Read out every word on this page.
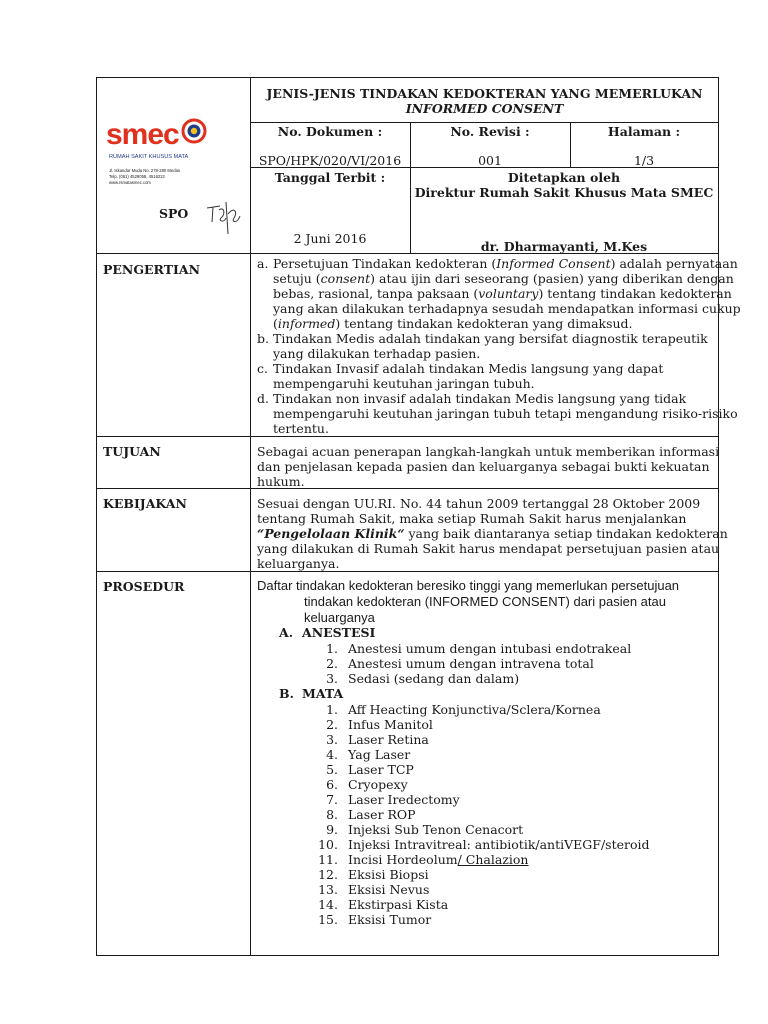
smec
RUMAH SAKIT KHUSUS MATA
Jl. Iskandar Muda No. 278-280 Medan
Telp. (061) 4529058, 4516222
www.rsmatasmec.com
SPO
JENIS-JENIS TINDAKAN KEDOKTERAN YANG MEMERLUKAN
INFORMED CONSENT
No. Dokumen :
SPO/HPK/020/VI/2016
No. Revisi :
001
Halaman :
1/3
Tanggal Terbit :
2 Juni 2016
Ditetapkan oleh
Direktur Rumah Sakit Khusus Mata SMEC
dr. Dharmayanti, M.Kes
PENGERTIAN
TUJUAN
KEBIJAKAN
PROSEDUR
a. Persetujuan Tindakan kedokteran (Informed Consent) adalah pernyataan
setuju (consent) atau ijin dari seseorang (pasien) yang diberikan dengan
bebas, rasional, tanpa paksaan (voluntary) tentang tindakan kedokteran
yang akan dilakukan terhadapnya sesudah mendapatkan informasi cukup
(informed) tentang tindakan kedokteran yang dimaksud.
b. Tindakan Medis adalah tindakan yang bersifat diagnostik terapeutik
yang dilakukan terhadap pasien.
c. Tindakan Invasif adalah tindakan Medis langsung yang dapat
mempengaruhi keutuhan jaringan tubuh.
d. Tindakan non invasif adalah tindakan Medis langsung yang tidak
mempengaruhi keutuhan jaringan tubuh tetapi mengandung risiko-risiko
tertentu.
Sebagai acuan penerapan langkah-langkah untuk memberikan informasi
dan penjelasan kepada pasien dan keluarganya sebagai bukti kekuatan
hukum.
Sesuai dengan UU.RI. No. 44 tahun 2009 tertanggal 28 Oktober 2009
tentang Rumah Sakit, maka setiap Rumah Sakit harus menjalankan
“Pengelolaan Klinik“ yang baik diantaranya setiap tindakan kedokteran
yang dilakukan di Rumah Sakit harus mendapat persetujuan pasien atau
keluarganya.
Daftar tindakan kedokteran beresiko tinggi yang memerlukan persetujuan
tindakan kedokteran (INFORMED CONSENT) dari pasien atau
keluarganya
A. ANESTESI
1. Anestesi umum dengan intubasi endotrakeal
2. Anestesi umum dengan intravena total
3. Sedasi (sedang dan dalam)
B. MATA
1. Aff Heacting Konjunctiva/Sclera/Kornea
2. Infus Manitol
3. Laser Retina
4. Yag Laser
5. Laser TCP
6. Cryopexy
7. Laser Iredectomy
8. Laser ROP
9. Injeksi Sub Tenon Cenacort
10. Injeksi Intravitreal: antibiotik/antiVEGF/steroid
11. Incisi Hordeolum/ Chalazion
12. Eksisi Biopsi
13. Eksisi Nevus
14. Ekstirpasi Kista
15. Eksisi Tumor
